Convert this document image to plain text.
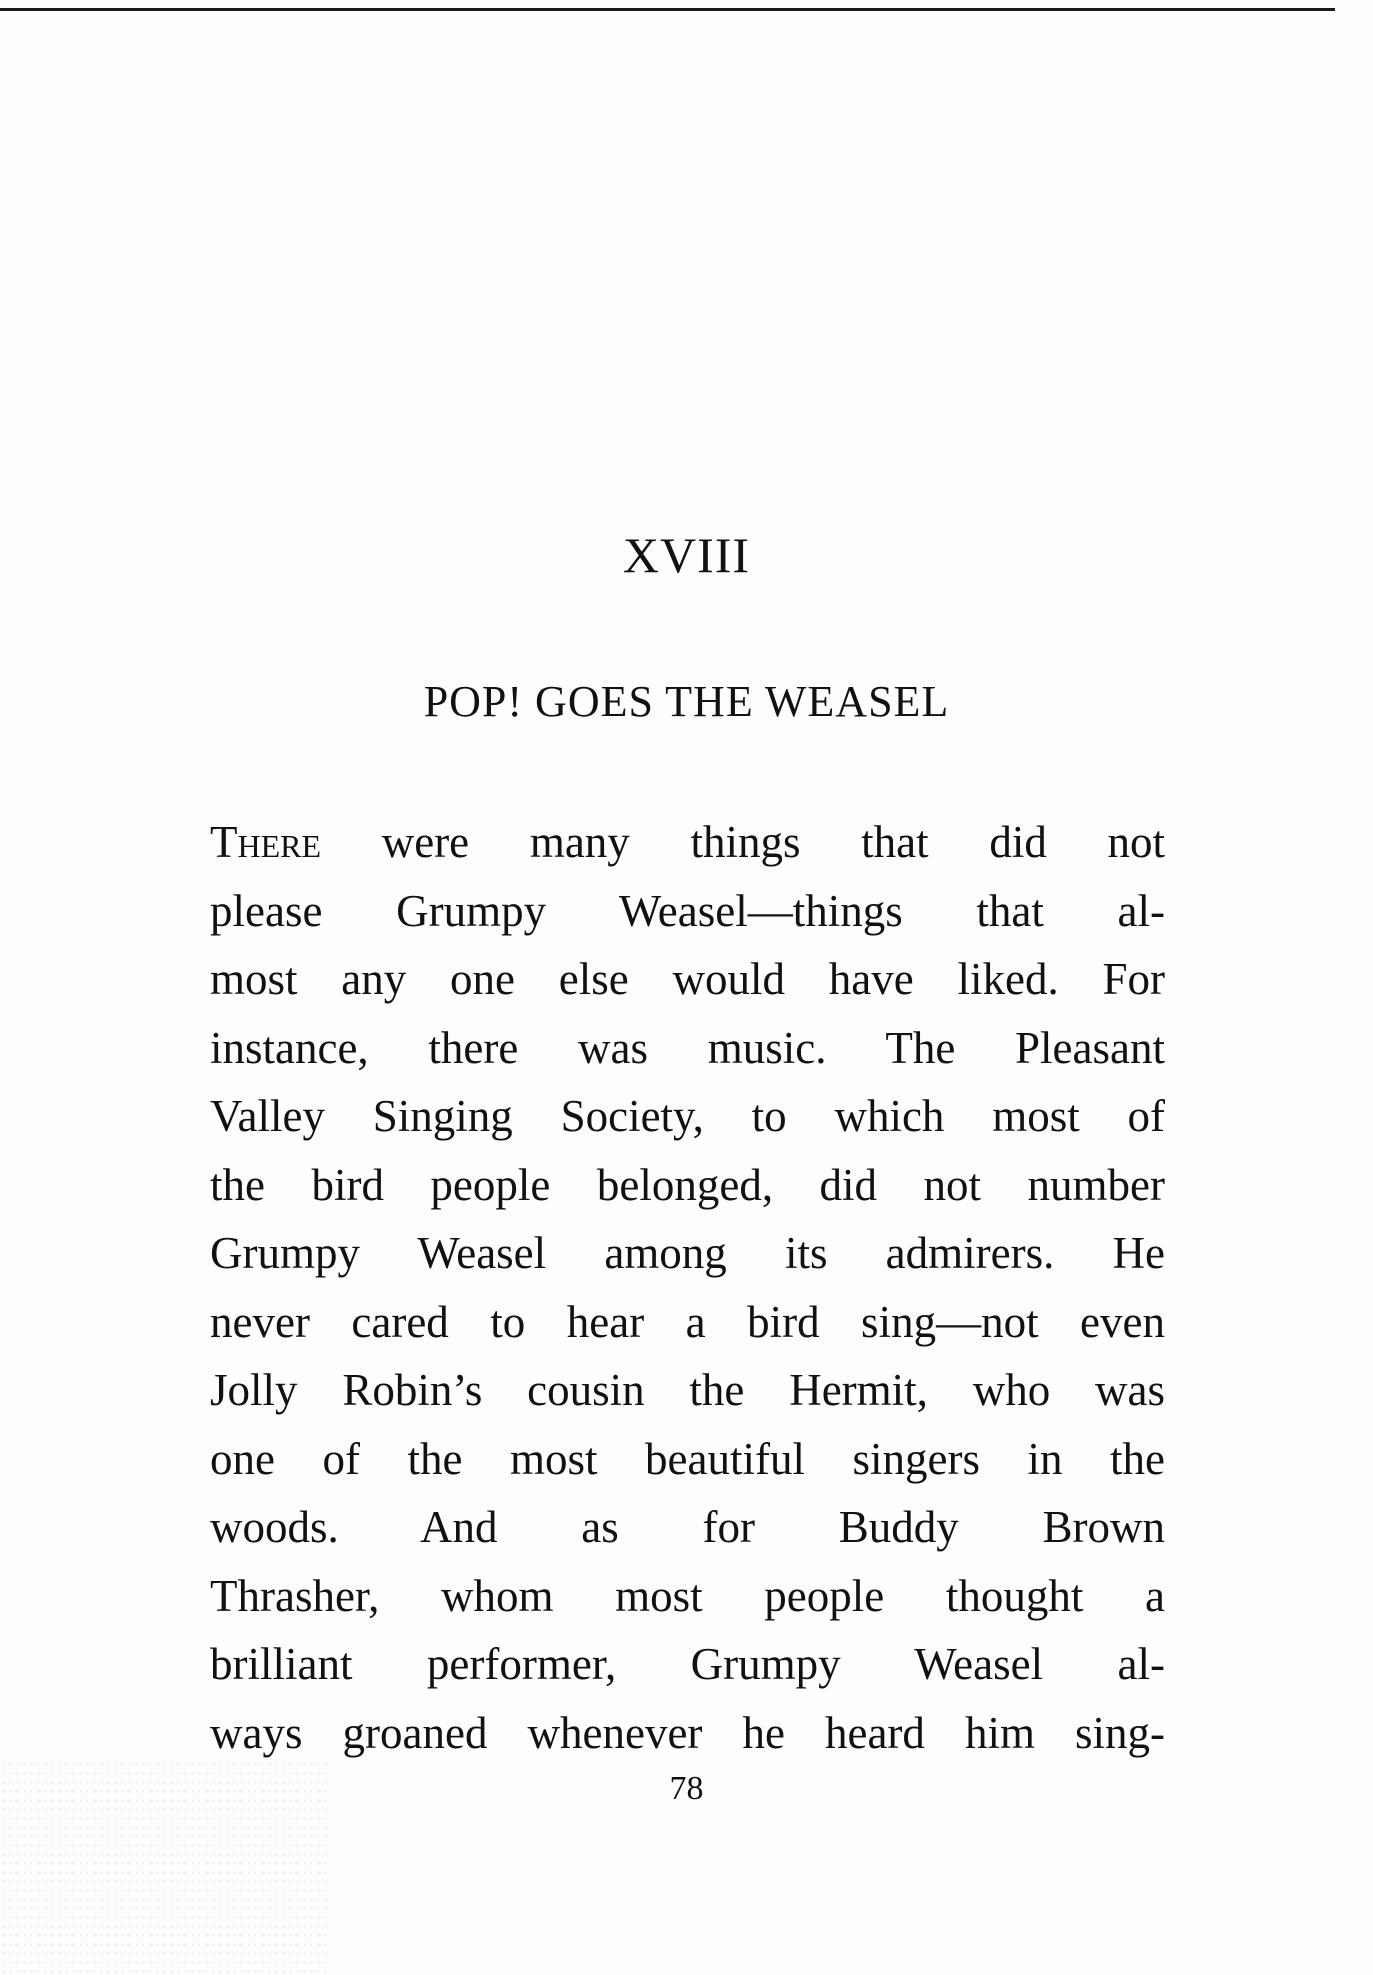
XVIII
POP! GOES THE WEASEL
There were many things that did not
please Grumpy Weasel—things that al-
most any one else would have liked. For
instance, there was music. The Pleasant
Valley Singing Society, to which most of
the bird people belonged, did not number
Grumpy Weasel among its admirers. He
never cared to hear a bird sing—not even
Jolly Robin’s cousin the Hermit, who was
one of the most beautiful singers in the
woods. And as for Buddy Brown
Thrasher, whom most people thought a
brilliant performer, Grumpy Weasel al-
ways groaned whenever he heard him sing-
78
